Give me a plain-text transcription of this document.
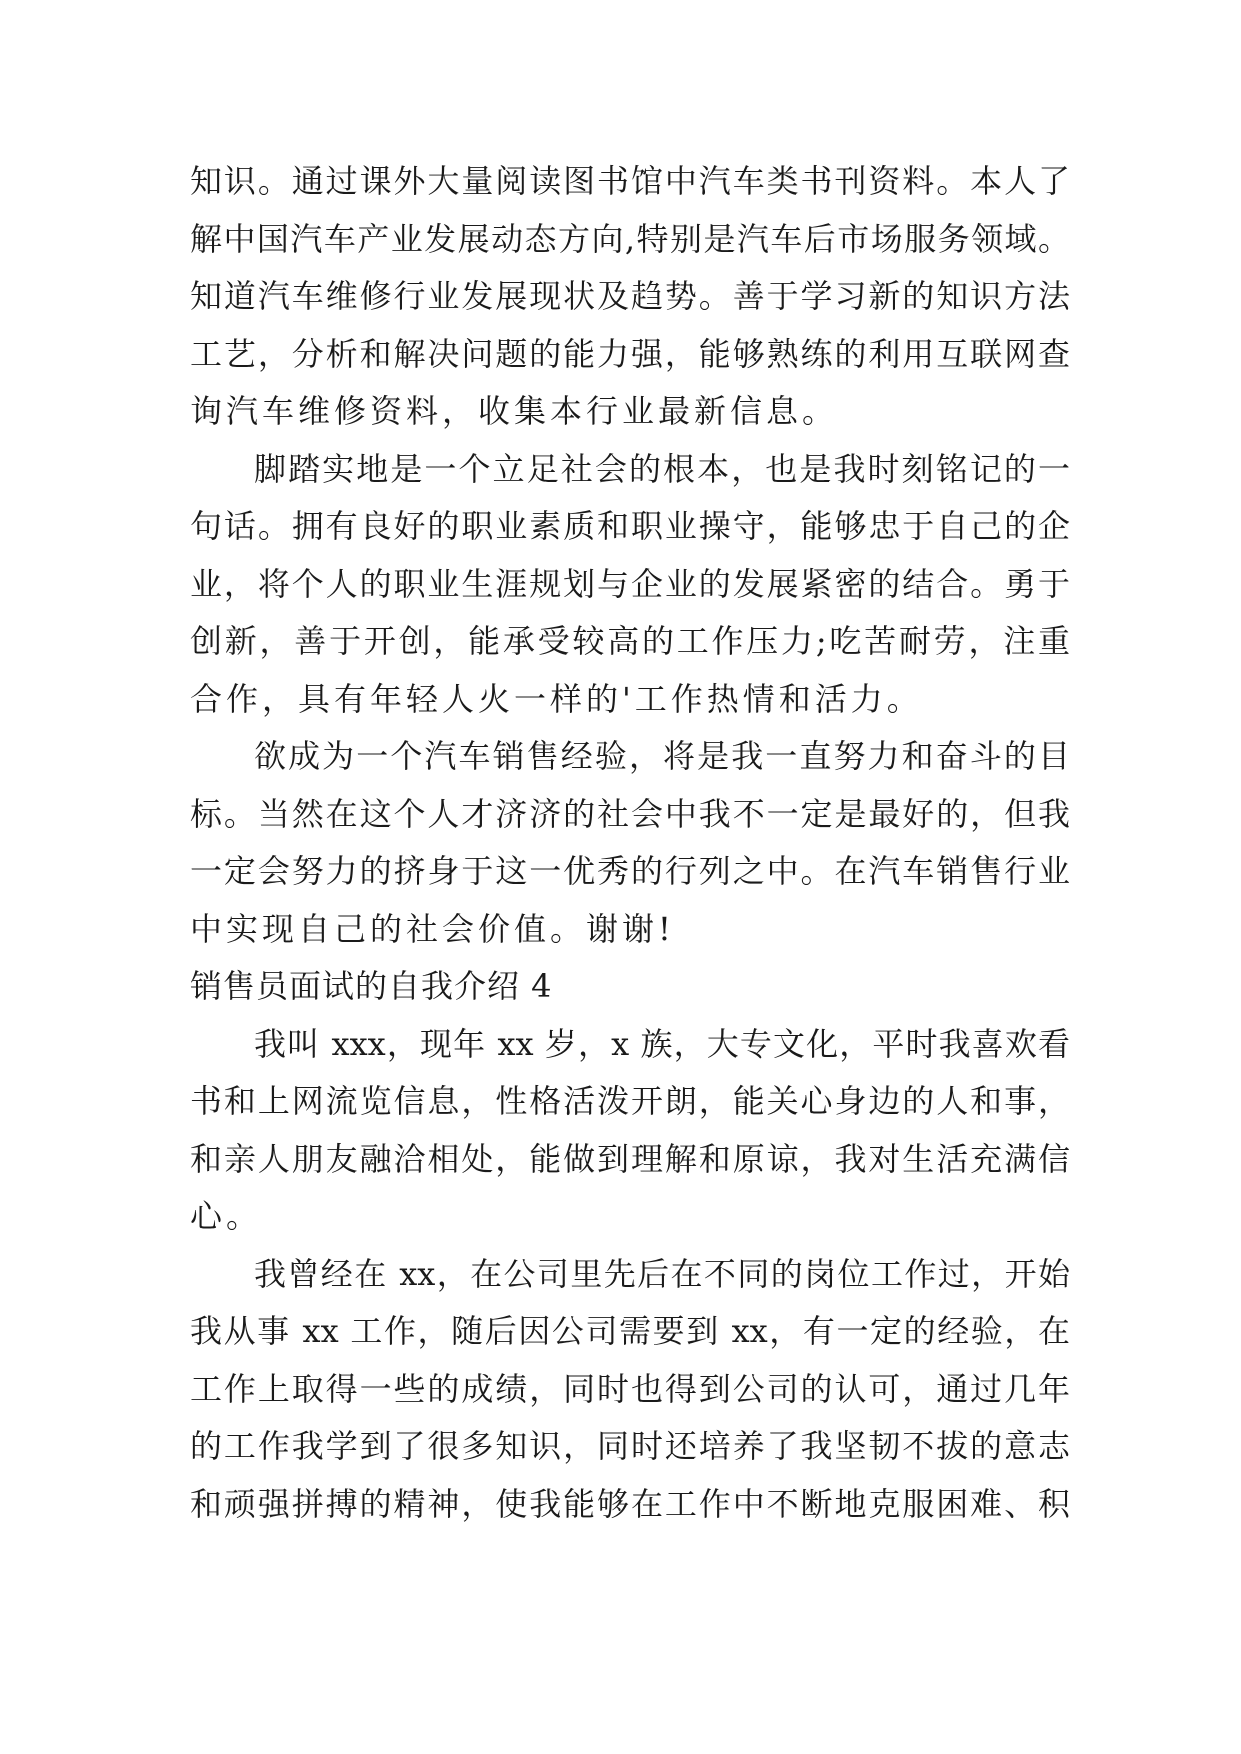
知识。通过课外大量阅读图书馆中汽车类书刊资料。本人了
解中国汽车产业发展动态方向,特别是汽车后市场服务领域。
知道汽车维修行业发展现状及趋势。善于学习新的知识方法
工艺，分析和解决问题的能力强，能够熟练的利用互联网查
询汽车维修资料，收集本行业最新信息。
脚踏实地是一个立足社会的根本，也是我时刻铭记的一
句话。拥有良好的职业素质和职业操守，能够忠于自己的企
业，将个人的职业生涯规划与企业的发展紧密的结合。勇于
创新，善于开创，能承受较高的工作压力;吃苦耐劳，注重
合作，具有年轻人火一样的'工作热情和活力。
欲成为一个汽车销售经验，将是我一直努力和奋斗的目
标。当然在这个人才济济的社会中我不一定是最好的，但我
一定会努力的挤身于这一优秀的行列之中。在汽车销售行业
中实现自己的社会价值。谢谢!
销售员面试的自我介绍 4
我叫 xxx，现年 xx 岁，x 族，大专文化，平时我喜欢看
书和上网流览信息，性格活泼开朗，能关心身边的人和事，
和亲人朋友融洽相处，能做到理解和原谅，我对生活充满信
心。
我曾经在 xx，在公司里先后在不同的岗位工作过，开始
我从事 xx 工作，随后因公司需要到 xx，有一定的经验，在
工作上取得一些的成绩，同时也得到公司的认可，通过几年
的工作我学到了很多知识，同时还培养了我坚韧不拔的意志
和顽强拼搏的精神，使我能够在工作中不断地克服困难、积
